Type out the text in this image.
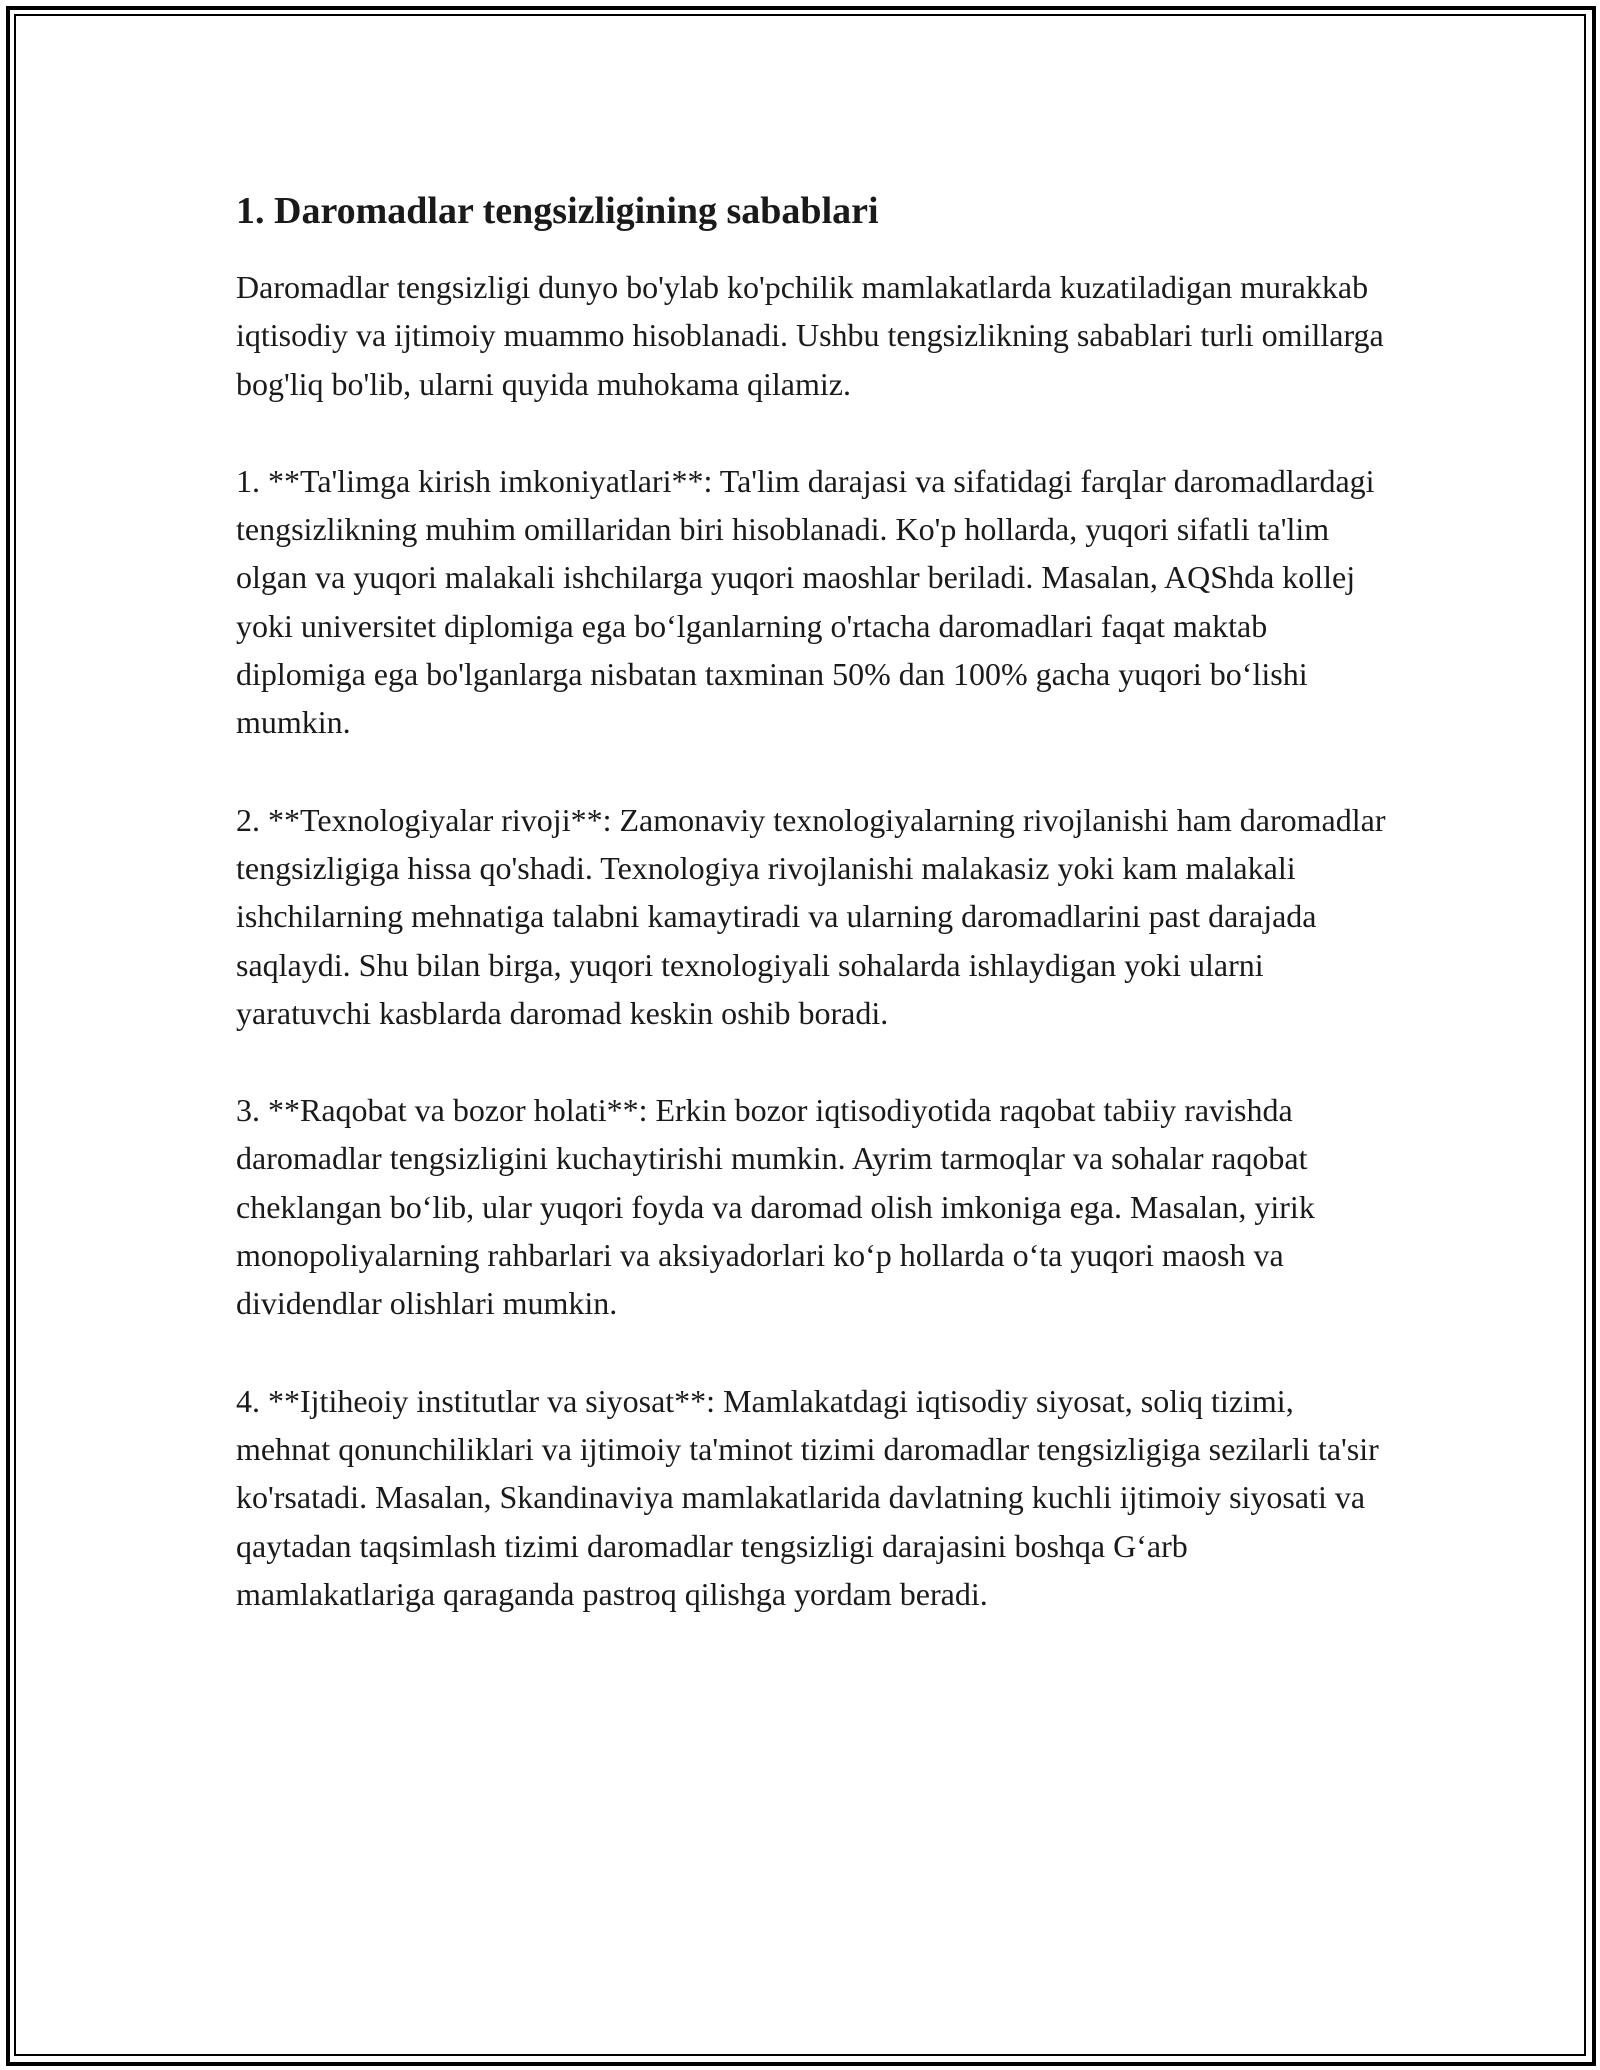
1. Daromadlar tengsizligining sabablari

Daromadlar tengsizligi dunyo bo'ylab ko'pchilik mamlakatlarda kuzatiladigan murakkab iqtisodiy va ijtimoiy muammo hisoblanadi. Ushbu tengsizlikning sabablari turli omillarga bog'liq bo'lib, ularni quyida muhokama qilamiz.

1. **Ta'limga kirish imkoniyatlari**: Ta'lim darajasi va sifatidagi farqlar daromadlardagi tengsizlikning muhim omillaridan biri hisoblanadi. Ko'p hollarda, yuqori sifatli ta'lim olgan va yuqori malakali ishchilarga yuqori maoshlar beriladi. Masalan, AQShda kollej yoki universitet diplomiga ega bo‘lganlarning o'rtacha daromadlari faqat maktab diplomiga ega bo'lganlarga nisbatan taxminan 50% dan 100% gacha yuqori bo‘lishi mumkin.

2. **Texnologiyalar rivoji**: Zamonaviy texnologiyalarning rivojlanishi ham daromadlar tengsizligiga hissa qo'shadi. Texnologiya rivojlanishi malakasiz yoki kam malakali ishchilarning mehnatiga talabni kamaytiradi va ularning daromadlarini past darajada saqlaydi. Shu bilan birga, yuqori texnologiyali sohalarda ishlaydigan yoki ularni yaratuvchi kasblarda daromad keskin oshib boradi.

3. **Raqobat va bozor holati**: Erkin bozor iqtisodiyotida raqobat tabiiy ravishda daromadlar tengsizligini kuchaytirishi mumkin. Ayrim tarmoqlar va sohalar raqobat cheklangan bo‘lib, ular yuqori foyda va daromad olish imkoniga ega. Masalan, yirik monopoliyalarning rahbarlari va aksiyadorlari ko‘p hollarda o‘ta yuqori maosh va dividendlar olishlari mumkin.

4. **Ijtiheoiy institutlar va siyosat**: Mamlakatdagi iqtisodiy siyosat, soliq tizimi, mehnat qonunchiliklari va ijtimoiy ta'minot tizimi daromadlar tengsizligiga sezilarli ta'sir ko'rsatadi. Masalan, Skandinaviya mamlakatlarida davlatning kuchli ijtimoiy siyosati va qaytadan taqsimlash tizimi daromadlar tengsizligi darajasini boshqa G‘arb mamlakatlariga qaraganda pastroq qilishga yordam beradi.
